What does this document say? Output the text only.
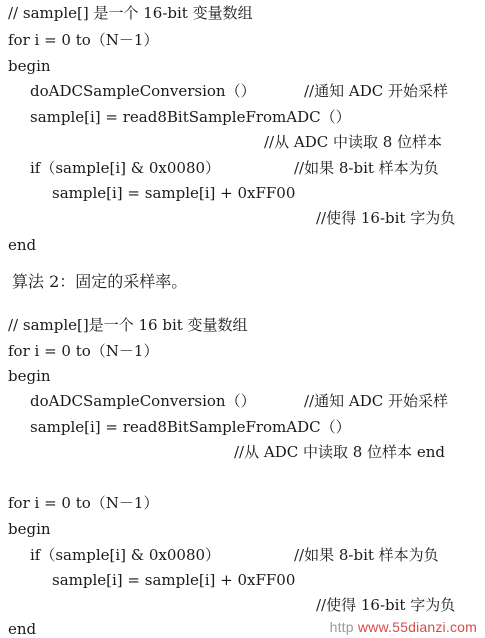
// sample[] 是一个 16-bit 变量数组
for i = 0 to（N－1）
begin
doADCSampleConversion（）	//通知 ADC 开始采样
sample[i] = read8BitSampleFromADC（）
//从 ADC 中读取 8 位样本
if（sample[i] & 0x0080）	//如果 8-bit 样本为负
sample[i] = sample[i] + 0xFF00
//使得 16-bit 字为负
end
算法 2：固定的采样率。
// sample[]是一个 16 bit 变量数组
for i = 0 to（N－1）
begin
doADCSampleConversion（）	//通知 ADC 开始采样
sample[i] = read8BitSampleFromADC（）
//从 ADC 中读取 8 位样本 end
for i = 0 to（N－1）
begin
if（sample[i] & 0x0080）	//如果 8-bit 样本为负
sample[i] = sample[i] + 0xFF00
//使得 16-bit 字为负
end	http www.55dianzi.com
